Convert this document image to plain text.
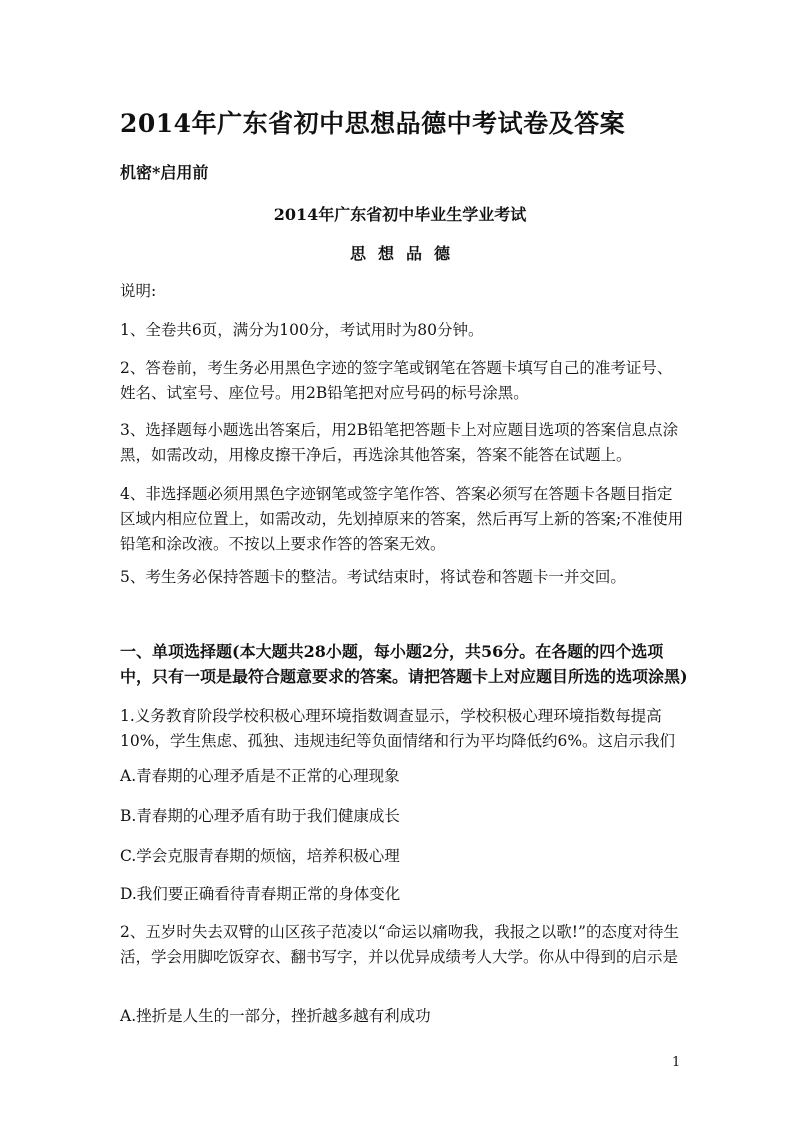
2014年广东省初中思想品德中考试卷及答案
机密*启用前
2014年广东省初中毕业生学业考试
思想品德

说明:

1、全卷共6页，满分为100分，考试用时为80分钟。

2、答卷前，考生务必用黑色字迹的签字笔或钢笔在答题卡填写自己的准考证号、姓名、试室号、座位号。用2B铅笔把对应号码的标号涂黑。

3、选择题每小题选出答案后，用2B铅笔把答题卡上对应题目选项的答案信息点涂黑，如需改动，用橡皮擦干净后，再选涂其他答案，答案不能答在试题上。

4、非选择题必须用黑色字迹钢笔或签字笔作答、答案必须写在答题卡各题目指定区域内相应位置上，如需改动，先划掉原来的答案，然后再写上新的答案;不准使用铅笔和涂改液。不按以上要求作答的答案无效。

5、考生务必保持答题卡的整洁。考试结束时，将试卷和答题卡一并交回。

一、单项选择题(本大题共28小题，每小题2分，共56分。在各题的四个选项中，只有一项是最符合题意要求的答案。请把答题卡上对应题目所选的选项涂黑)

1.义务教育阶段学校积极心理环境指数调查显示，学校积极心理环境指数每提高10%，学生焦虑、孤独、违规违纪等负面情绪和行为平均降低约6%。这启示我们

A.青春期的心理矛盾是不正常的心理现象

B.青春期的心理矛盾有助于我们健康成长

C.学会克服青春期的烦恼，培养积极心理

D.我们要正确看待青春期正常的身体变化

2、五岁时失去双臂的山区孩子范凌以“命运以痛吻我，我报之以歌!”的态度对待生活，学会用脚吃饭穿衣、翻书写字，并以优异成绩考人大学。你从中得到的启示是

A.挫折是人生的一部分，挫折越多越有利成功

1
